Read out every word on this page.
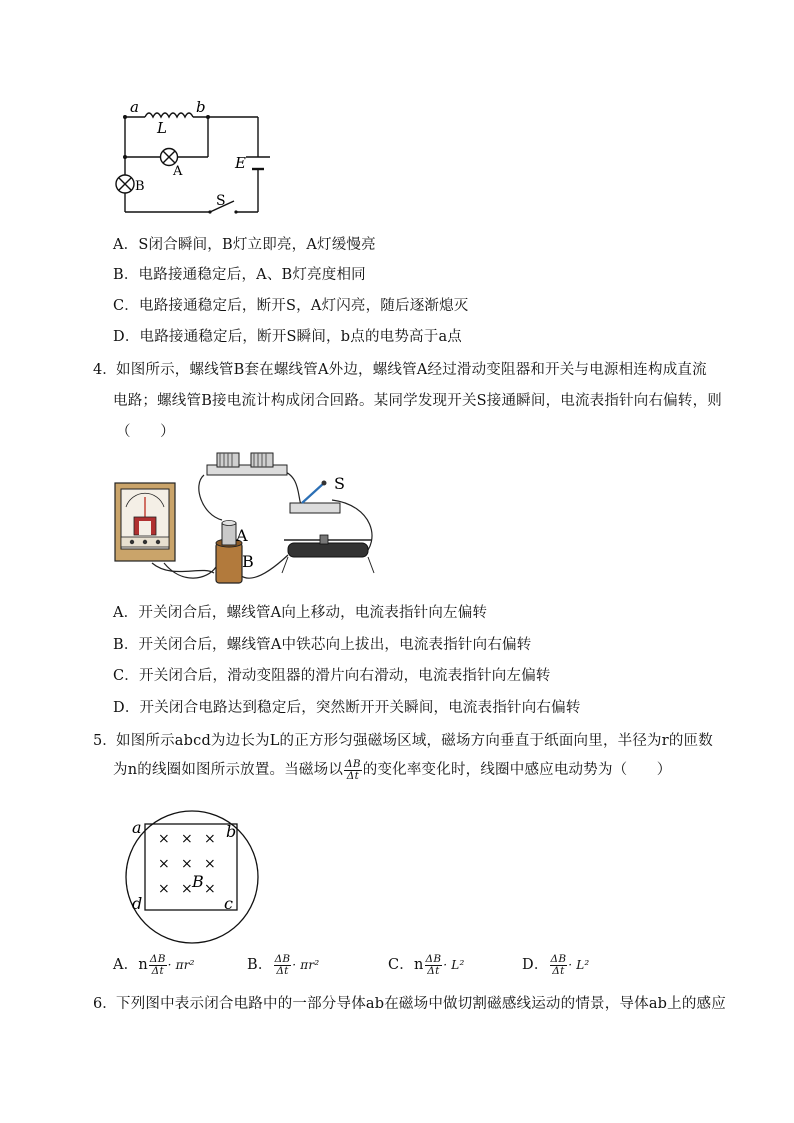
a	b
L
A
B
E
S
A．S闭合瞬间，B灯立即亮，A灯缓慢亮
B．电路接通稳定后，A、B灯亮度相同
C．电路接通稳定后，断开S，A灯闪亮，随后逐渐熄灭
D．电路接通稳定后，断开S瞬间，b点的电势高于a点
4． 如图所示，螺线管B套在螺线管A外边，螺线管A经过滑动变阻器和开关与电源相连构成直流
电路；螺线管B接电流计构成闭合回路。某同学发现开关S接通瞬间，电流表指针向右偏转，则
（　　）
S
A
B
A．开关闭合后，螺线管A向上移动，电流表指针向左偏转
B．开关闭合后，螺线管A中铁芯向上拔出，电流表指针向右偏转
C．开关闭合后，滑动变阻器的滑片向右滑动，电流表指针向左偏转
D．开关闭合电路达到稳定后，突然断开开关瞬间，电流表指针向右偏转
5． 如图所示abcd为边长为L的正方形匀强磁场区域，磁场方向垂直于纸面向里，半径为r的匝数
为n的线圈如图所示放置。当磁场以 $\frac{\Delta B}{\Delta t}$ 的变化率变化时，线圈中感应电动势为（　　）
× × ×
× × ×
× × ×
a	b
c
d
B
A．n $\frac{\Delta B}{\Delta t} \cdot \pi r^2$	B． $\frac{\Delta B}{\Delta t} \cdot \pi r^2$	C．n $\frac{\Delta B}{\Delta t} \cdot L^2$	D． $\frac{\Delta B}{\Delta t} \cdot L^2$
6． 下列图中表示闭合电路中的一部分导体ab在磁场中做切割磁感线运动的情景，导体ab上的感应
